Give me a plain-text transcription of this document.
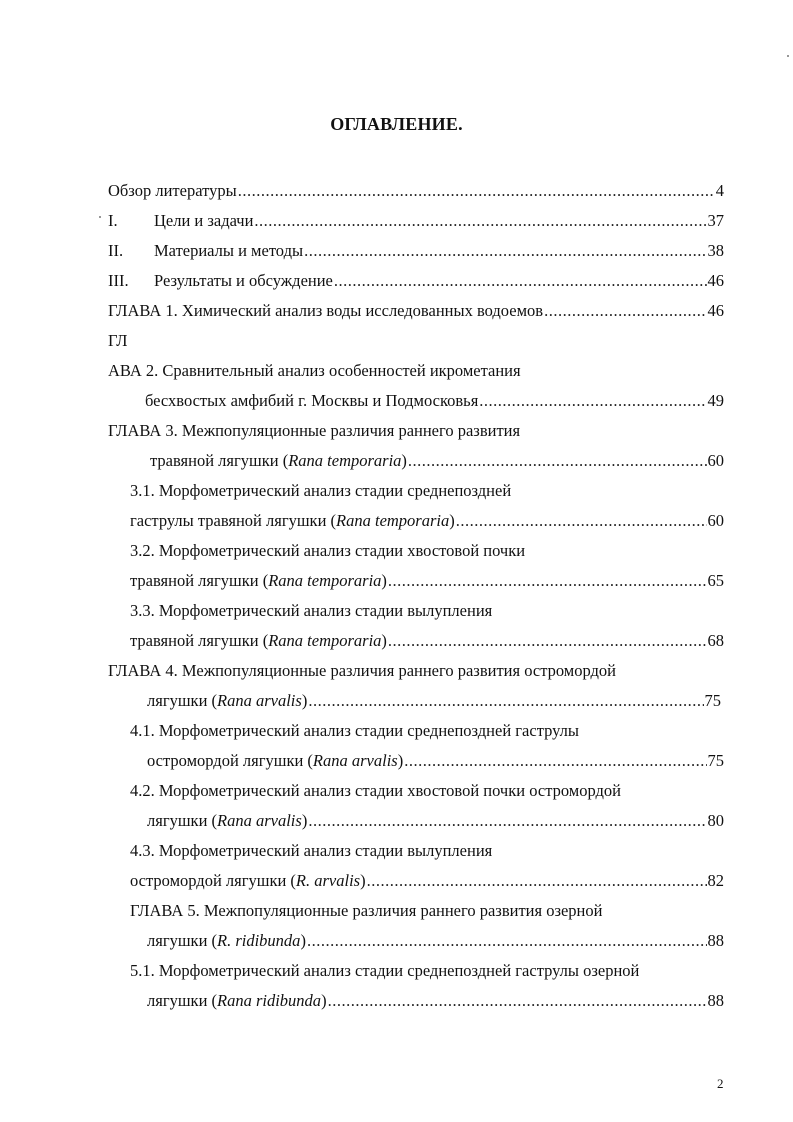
ОГЛАВЛЕНИЕ.
Обзор литературы .....	4
I. Цели и задачи .....	37
II. Материалы и методы .....	38
III. Результаты и обсуждение .....	46
ГЛАВА 1. Химический анализ воды исследованных водоемов .....	46
ГЛ
АВА 2. Сравнительный анализ особенностей икрометания
бесхвостых амфибий г. Москвы и Подмосковья .....	49
ГЛАВА 3. Межпопуляционные различия раннего развития
травяной лягушки (Rana temporaria) .....	60
3.1. Морфометрический анализ стадии среднепоздней
гаструлы травяной лягушки (Rana temporaria) .....	60
3.2. Морфометрический анализ стадии хвостовой почки
травяной лягушки (Rana temporaria) .....	65
3.3. Морфометрический анализ стадии вылупления
травяной лягушки (Rana temporaria) .....	68
ГЛАВА 4. Межпопуляционные различия раннего развития остромордой
лягушки (Rana arvalis) .....	75
4.1. Морфометрический анализ стадии среднепоздней гаструлы
остромордой лягушки (Rana arvalis) .....	75
4.2. Морфометрический анализ стадии хвостовой почки остромордой
лягушки (Rana arvalis) .....	80
4.3. Морфометрический анализ стадии вылупления
остромордой лягушки (R. arvalis) .....	82
ГЛАВА 5. Межпопуляционные различия раннего развития озерной
лягушки (R. ridibunda) .....	88
5.1. Морфометрический анализ стадии среднепоздней гаструлы озерной
лягушки (Rana ridibunda) .....	88
2
